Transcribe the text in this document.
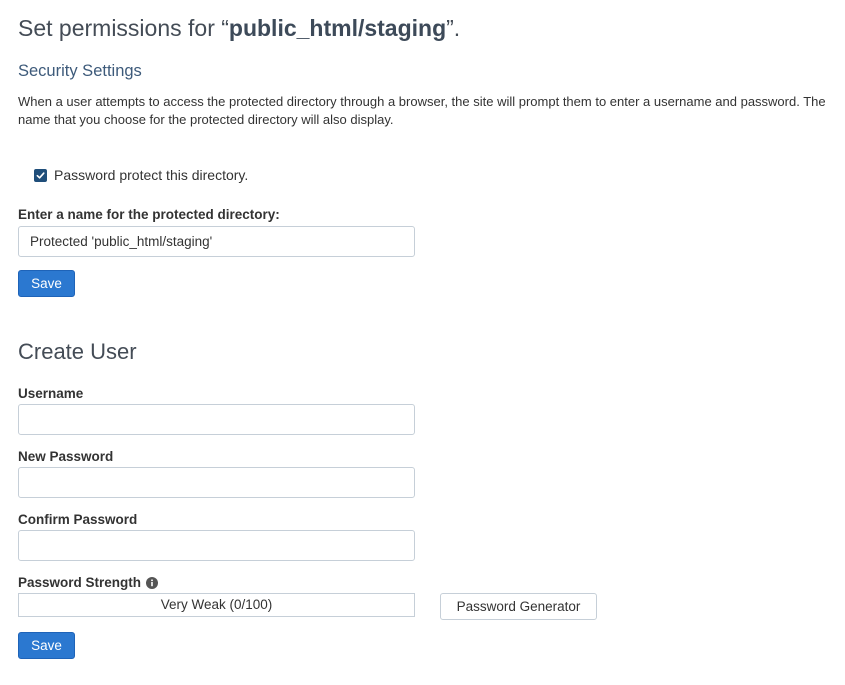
Set permissions for “public_html/staging”.
Security Settings
When a user attempts to access the protected directory through a browser, the site will prompt them to enter a username and password. The name that you choose for the protected directory will also display.
Password protect this directory.
Enter a name for the protected directory:
Protected 'public_html/staging'
Save
Create User
Username
New Password
Confirm Password
Password Strength
Very Weak (0/100)	Password Generator
Save
